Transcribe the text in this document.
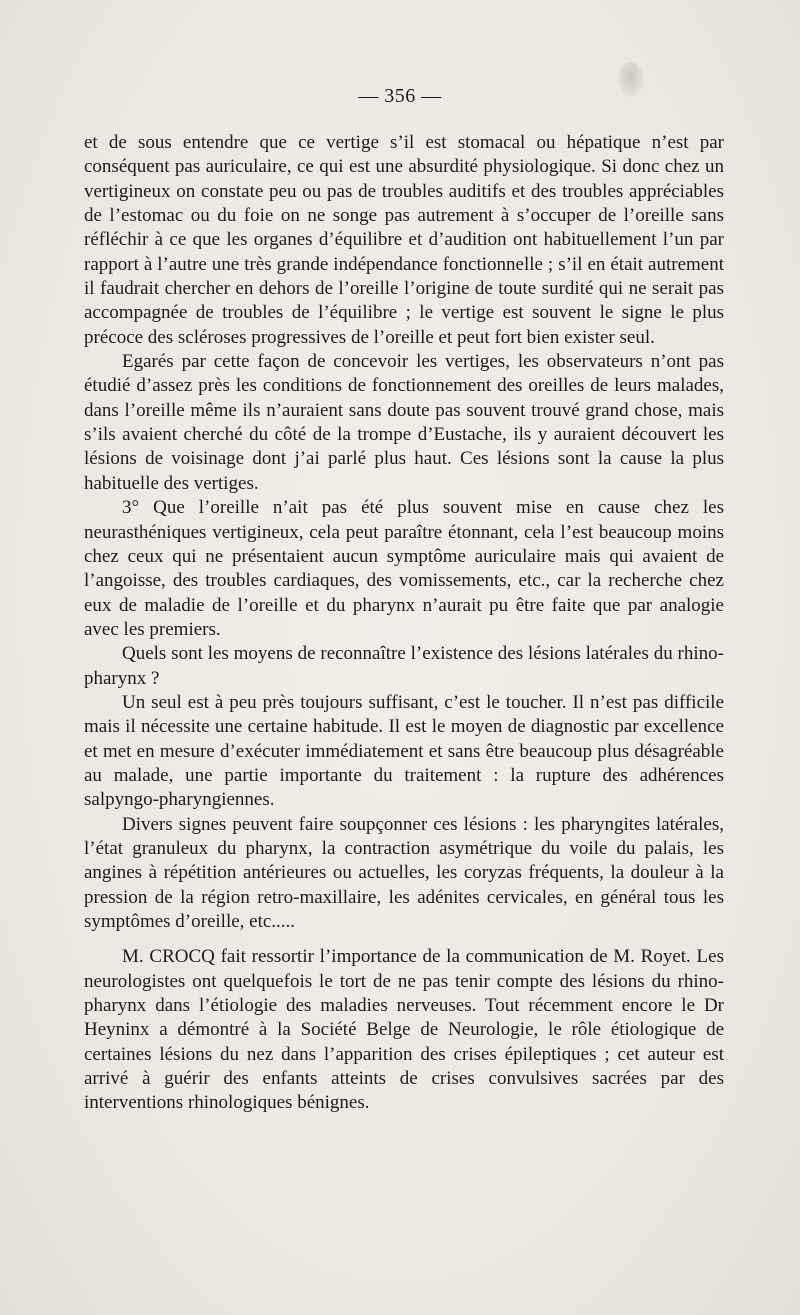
— 356 —

et de sous entendre que ce vertige s’il est stomacal ou hépatique n’est par conséquent pas auriculaire, ce qui est une absurdité physiologique. Si donc chez un vertigineux on constate peu ou pas de troubles auditifs et des troubles appréciables de l’estomac ou du foie on ne songe pas autrement à s’occuper de l’oreille sans réfléchir à ce que les organes d’équilibre et d’audition ont habituellement l’un par rapport à l’autre une très grande indépendance fonctionnelle ; s’il en était autrement il faudrait chercher en dehors de l’oreille l’origine de toute surdité qui ne serait pas accompagnée de troubles de l’équilibre ; le vertige est souvent le signe le plus précoce des scléroses progressives de l’oreille et peut fort bien exister seul.

Egarés par cette façon de concevoir les vertiges, les observateurs n’ont pas étudié d’assez près les conditions de fonctionnement des oreilles de leurs malades, dans l’oreille même ils n’auraient sans doute pas souvent trouvé grand chose, mais s’ils avaient cherché du côté de la trompe d’Eustache, ils y auraient découvert les lésions de voisinage dont j’ai parlé plus haut. Ces lésions sont la cause la plus habituelle des vertiges.

3° Que l’oreille n’ait pas été plus souvent mise en cause chez les neurasthéniques vertigineux, cela peut paraître étonnant, cela l’est beaucoup moins chez ceux qui ne présentaient aucun symptôme auriculaire mais qui avaient de l’angoisse, des troubles cardiaques, des vomissements, etc., car la recherche chez eux de maladie de l’oreille et du pharynx n’aurait pu être faite que par analogie avec les premiers.

Quels sont les moyens de reconnaître l’existence des lésions latérales du rhino-pharynx ?

Un seul est à peu près toujours suffisant, c’est le toucher. Il n’est pas difficile mais il nécessite une certaine habitude. Il est le moyen de diagnostic par excellence et met en mesure d’exécuter immédiatement et sans être beaucoup plus désagréable au malade, une partie importante du traitement : la rupture des adhérences salpyngo-pharyngiennes.

Divers signes peuvent faire soupçonner ces lésions : les pharyngites latérales, l’état granuleux du pharynx, la contraction asymétrique du voile du palais, les angines à répétition antérieures ou actuelles, les coryzas fréquents, la douleur à la pression de la région retro-maxillaire, les adénites cervicales, en général tous les symptômes d’oreille, etc.....

M. CROCQ fait ressortir l’importance de la communication de M. Royet. Les neurologistes ont quelquefois le tort de ne pas tenir compte des lésions du rhino-pharynx dans l’étiologie des maladies nerveuses. Tout récemment encore le Dr Heyninx a démontré à la Société Belge de Neurologie, le rôle étiologique de certaines lésions du nez dans l’apparition des crises épileptiques ; cet auteur est arrivé à guérir des enfants atteints de crises convulsives sacrées par des interventions rhinologiques bénignes.
